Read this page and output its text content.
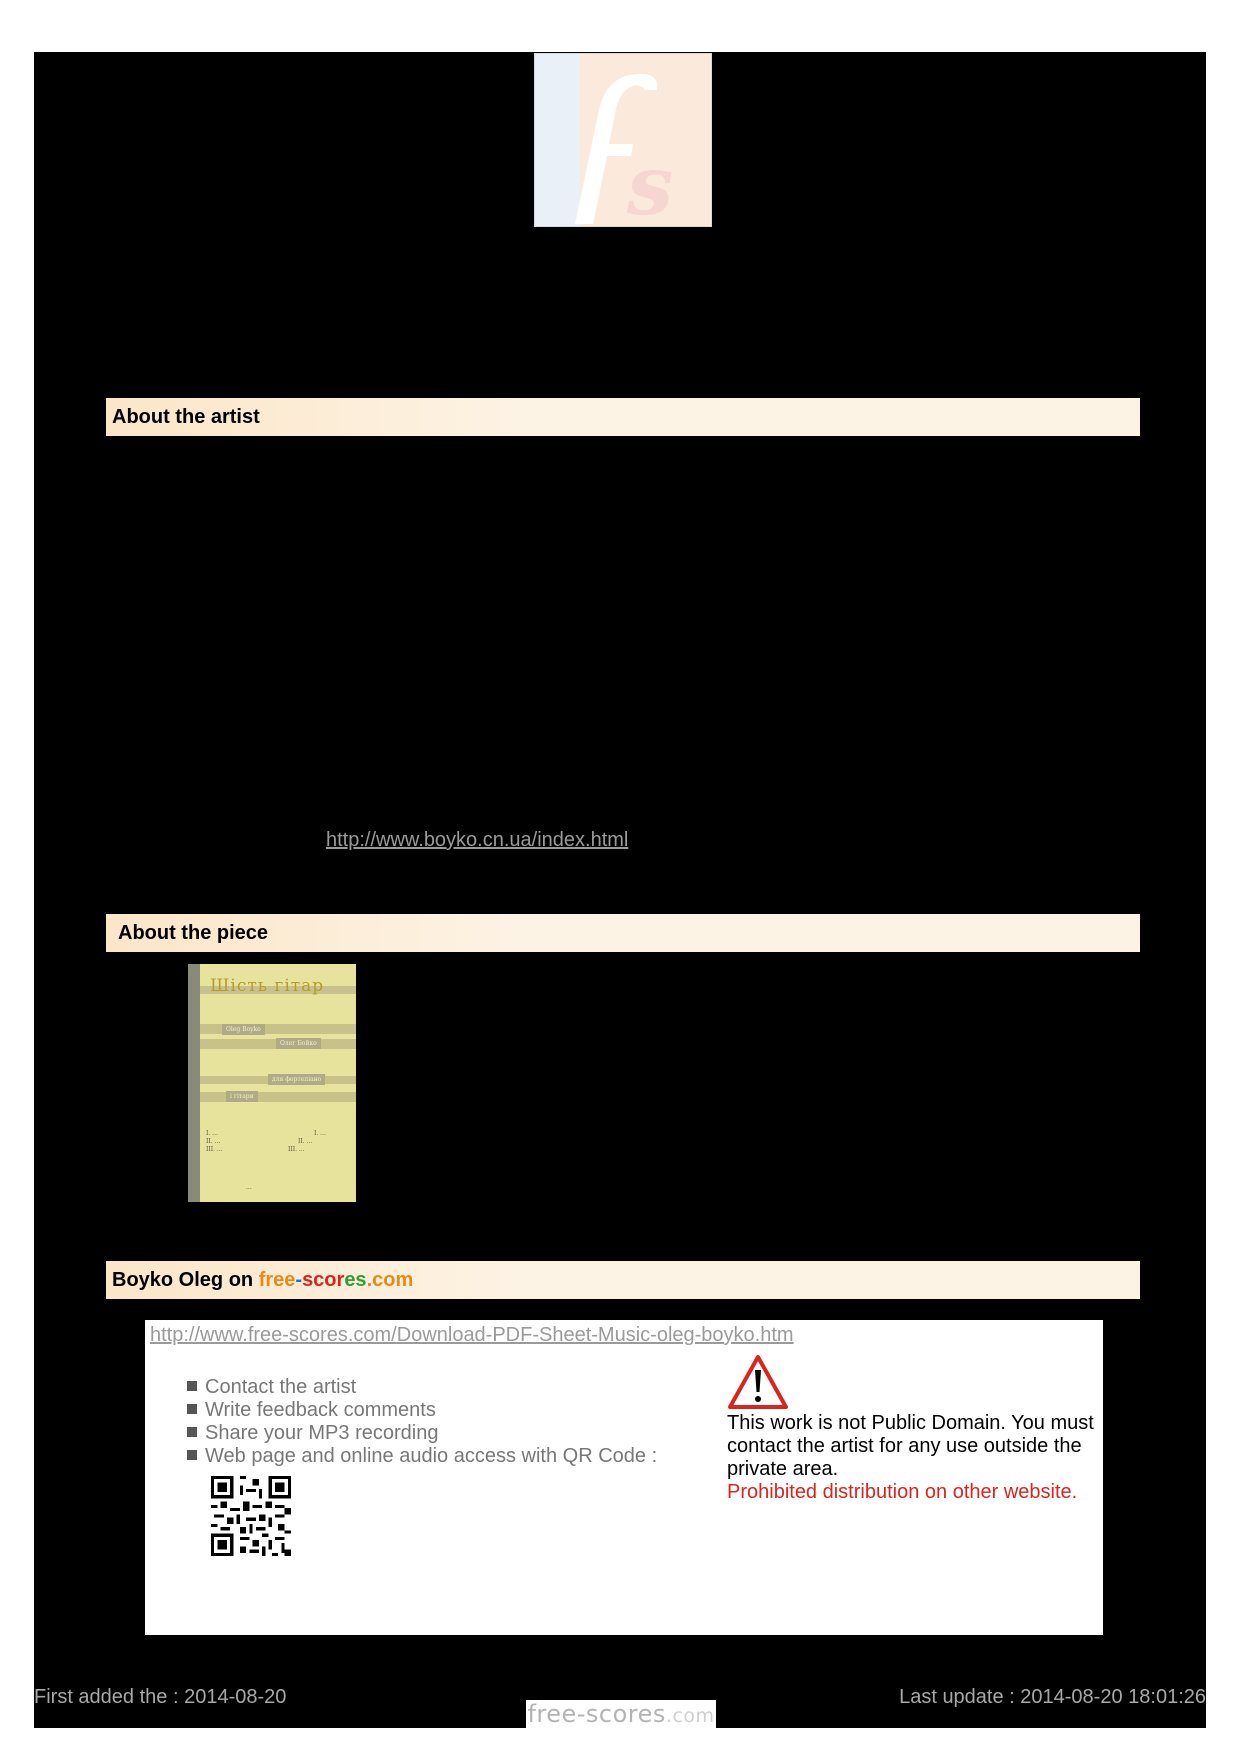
s
About the artist
http://www.boyko.cn.ua/index.html
About the piece
Шість гітар
Oleg Boyko
Олег Бойко
для фортепіано
і гітари
І. ...
ІІ. ...
ІІІ. ...
І. ...
ІІ. ...
ІІІ. ...
...
Boyko Oleg on free-scores.com
http://www.free-scores.com/Download-PDF-Sheet-Music-oleg-boyko.htm
Contact the artist
Write feedback comments
Share your MP3 recording
Web page and online audio access with QR Code :
This work is not Public Domain. You must contact the artist for any use outside the private area.
Prohibited distribution on other website.
First added the : 2014-08-20	Last update : 2014-08-20 18:01:26
free-scores.com
